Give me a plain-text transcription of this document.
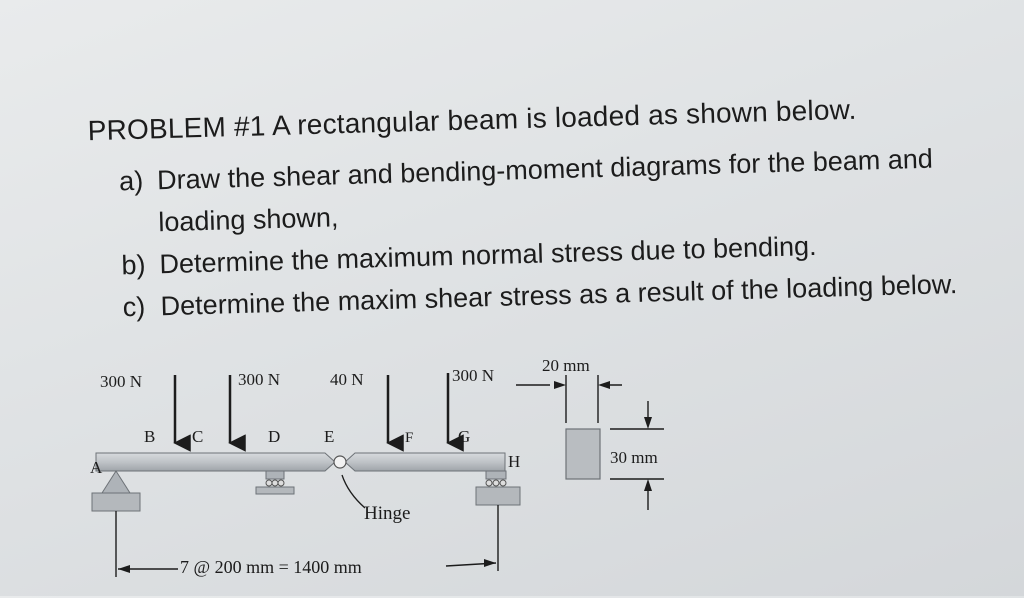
PROBLEM #1 A rectangular beam is loaded as shown below.
a) Draw the shear and bending-moment diagrams for the beam and
loading shown,
b) Determine the maximum normal stress due to bending.
c) Determine the maxim shear stress as a result of the loading below.
300 N	300 N	40 N	300 N
A
B C	D	E	F	G
H
Hinge
7 @ 200 mm = 1400 mm
20 mm
30 mm
